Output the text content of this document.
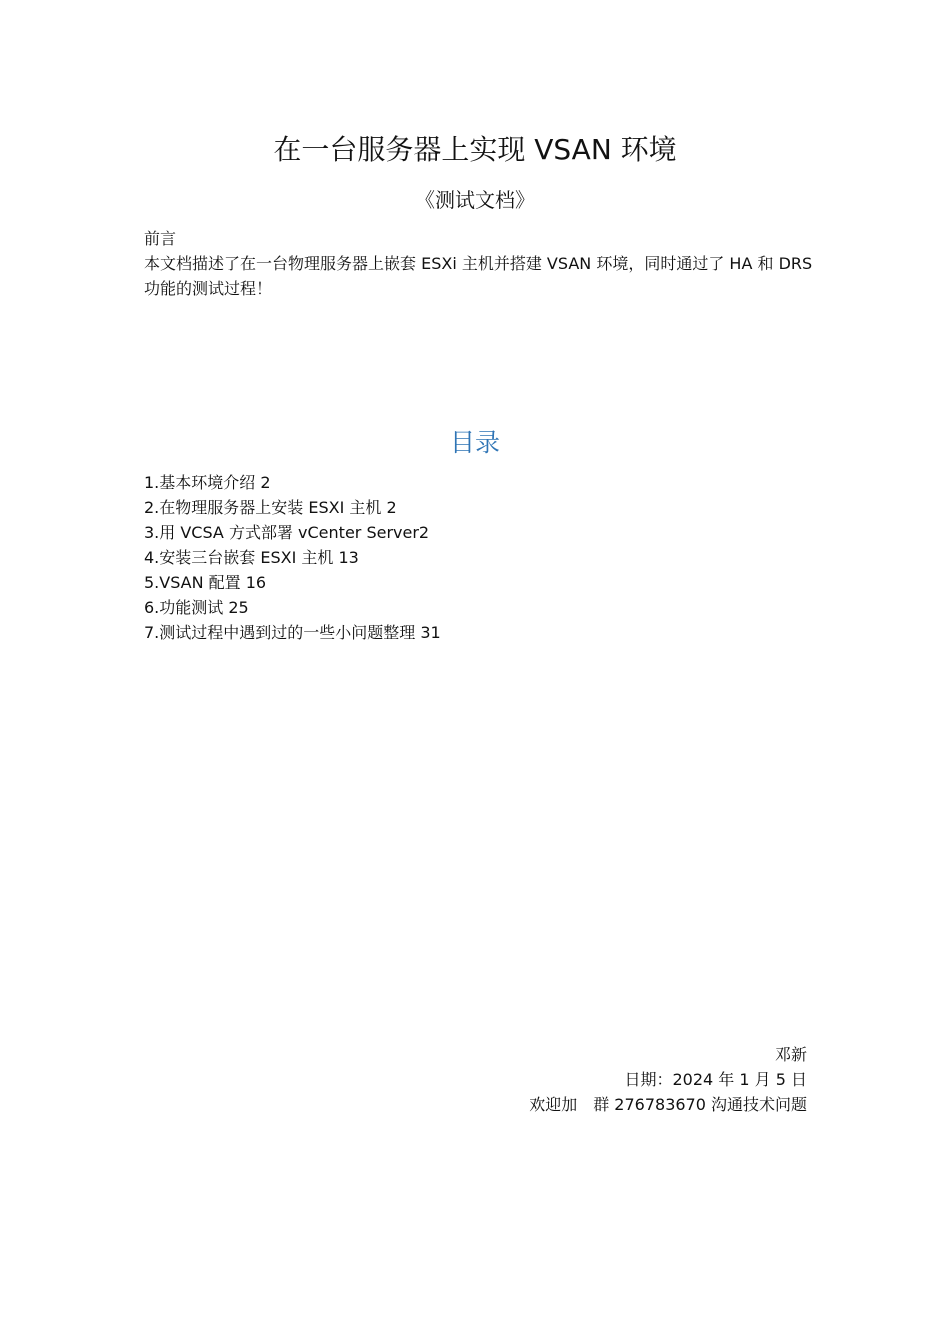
在一台服务器上实现 VSAN 环境
《测试文档》

前言

本文档描述了在一台物理服务器上嵌套 ESXi 主机并搭建 VSAN 环境，同时通过了 HA 和 DRS 功能的测试过程！

目录
1.基本环境介绍 2
2.在物理服务器上安装 ESXI 主机 2
3.用 VCSA 方式部署 vCenter Server2
4.安装三台嵌套 ESXI 主机 13
5.VSAN 配置 16
6.功能测试 25
7.测试过程中遇到过的一些小问题整理 31
邓新
日期：2024 年 1 月 5 日
欢迎加　群 276783670 沟通技术问题
